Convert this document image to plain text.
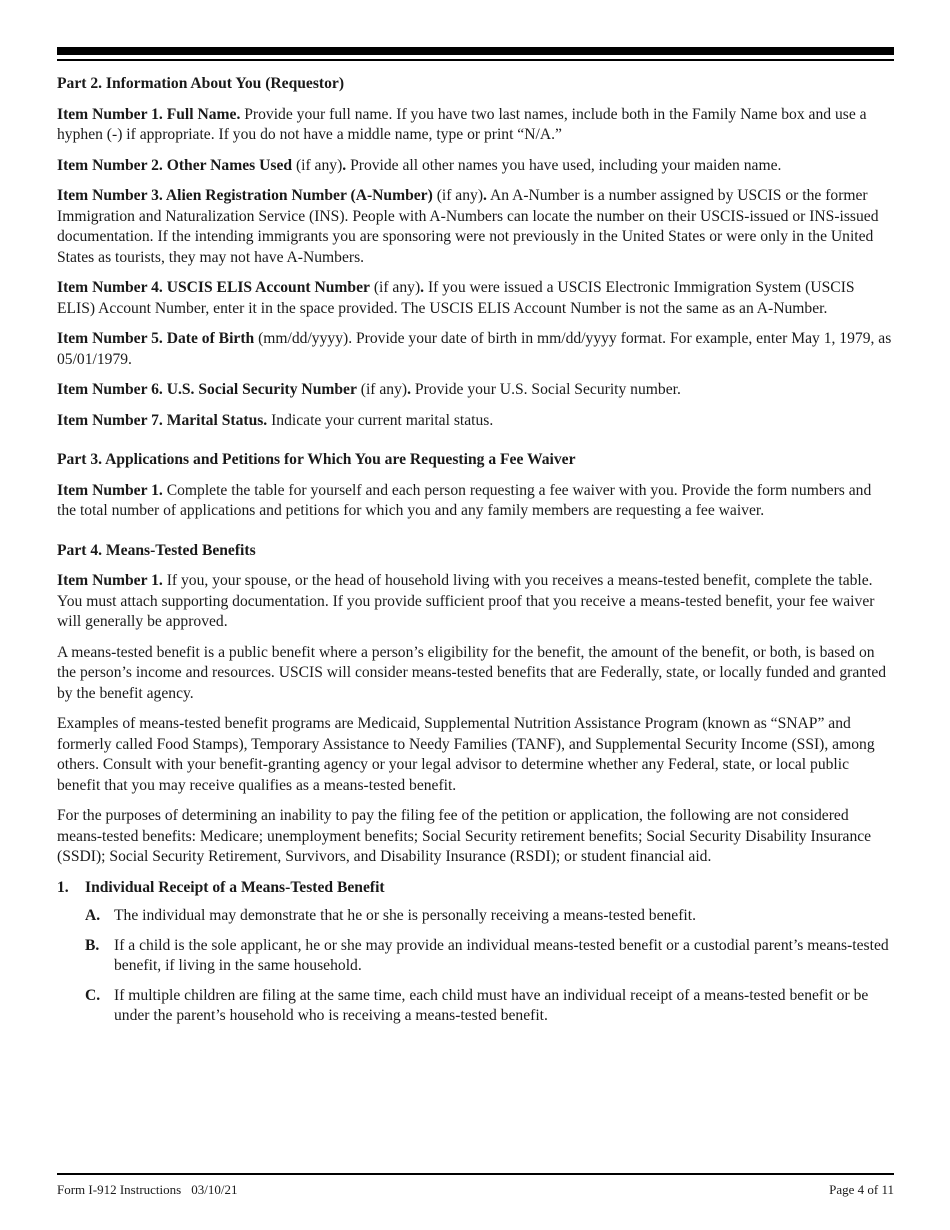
Part 2. Information About You (Requestor)

Item Number 1. Full Name. Provide your full name. If you have two last names, include both in the Family Name box and use a hyphen (-) if appropriate. If you do not have a middle name, type or print “N/A.”

Item Number 2. Other Names Used (if any). Provide all other names you have used, including your maiden name.

Item Number 3. Alien Registration Number (A-Number) (if any). An A-Number is a number assigned by USCIS or the former Immigration and Naturalization Service (INS). People with A-Numbers can locate the number on their USCIS-issued or INS-issued documentation. If the intending immigrants you are sponsoring were not previously in the United States or were only in the United States as tourists, they may not have A-Numbers.

Item Number 4. USCIS ELIS Account Number (if any). If you were issued a USCIS Electronic Immigration System (USCIS ELIS) Account Number, enter it in the space provided. The USCIS ELIS Account Number is not the same as an A-Number.

Item Number 5. Date of Birth (mm/dd/yyyy). Provide your date of birth in mm/dd/yyyy format. For example, enter May 1, 1979, as 05/01/1979.

Item Number 6. U.S. Social Security Number (if any). Provide your U.S. Social Security number.

Item Number 7. Marital Status. Indicate your current marital status.

Part 3. Applications and Petitions for Which You are Requesting a Fee Waiver

Item Number 1. Complete the table for yourself and each person requesting a fee waiver with you. Provide the form numbers and the total number of applications and petitions for which you and any family members are requesting a fee waiver.

Part 4. Means-Tested Benefits

Item Number 1. If you, your spouse, or the head of household living with you receives a means-tested benefit, complete the table. You must attach supporting documentation. If you provide sufficient proof that you receive a means-tested benefit, your fee waiver will generally be approved.

A means-tested benefit is a public benefit where a person’s eligibility for the benefit, the amount of the benefit, or both, is based on the person’s income and resources. USCIS will consider means-tested benefits that are Federally, state, or locally funded and granted by the benefit agency.

Examples of means-tested benefit programs are Medicaid, Supplemental Nutrition Assistance Program (known as “SNAP” and formerly called Food Stamps), Temporary Assistance to Needy Families (TANF), and Supplemental Security Income (SSI), among others. Consult with your benefit-granting agency or your legal advisor to determine whether any Federal, state, or local public benefit that you may receive qualifies as a means-tested benefit.

For the purposes of determining an inability to pay the filing fee of the petition or application, the following are not considered means-tested benefits: Medicare; unemployment benefits; Social Security retirement benefits; Social Security Disability Insurance (SSDI); Social Security Retirement, Survivors, and Disability Insurance (RSDI); or student financial aid.

1.	Individual Receipt of a Means-Tested Benefit
A. The individual may demonstrate that he or she is personally receiving a means-tested benefit.
B. If a child is the sole applicant, he or she may provide an individual means-tested benefit or a custodial parent’s means-tested benefit, if living in the same household.
C. If multiple children are filing at the same time, each child must have an individual receipt of a means-tested benefit or be under the parent’s household who is receiving a means-tested benefit.
Form I-912 Instructions 03/10/21	Page 4 of 11
